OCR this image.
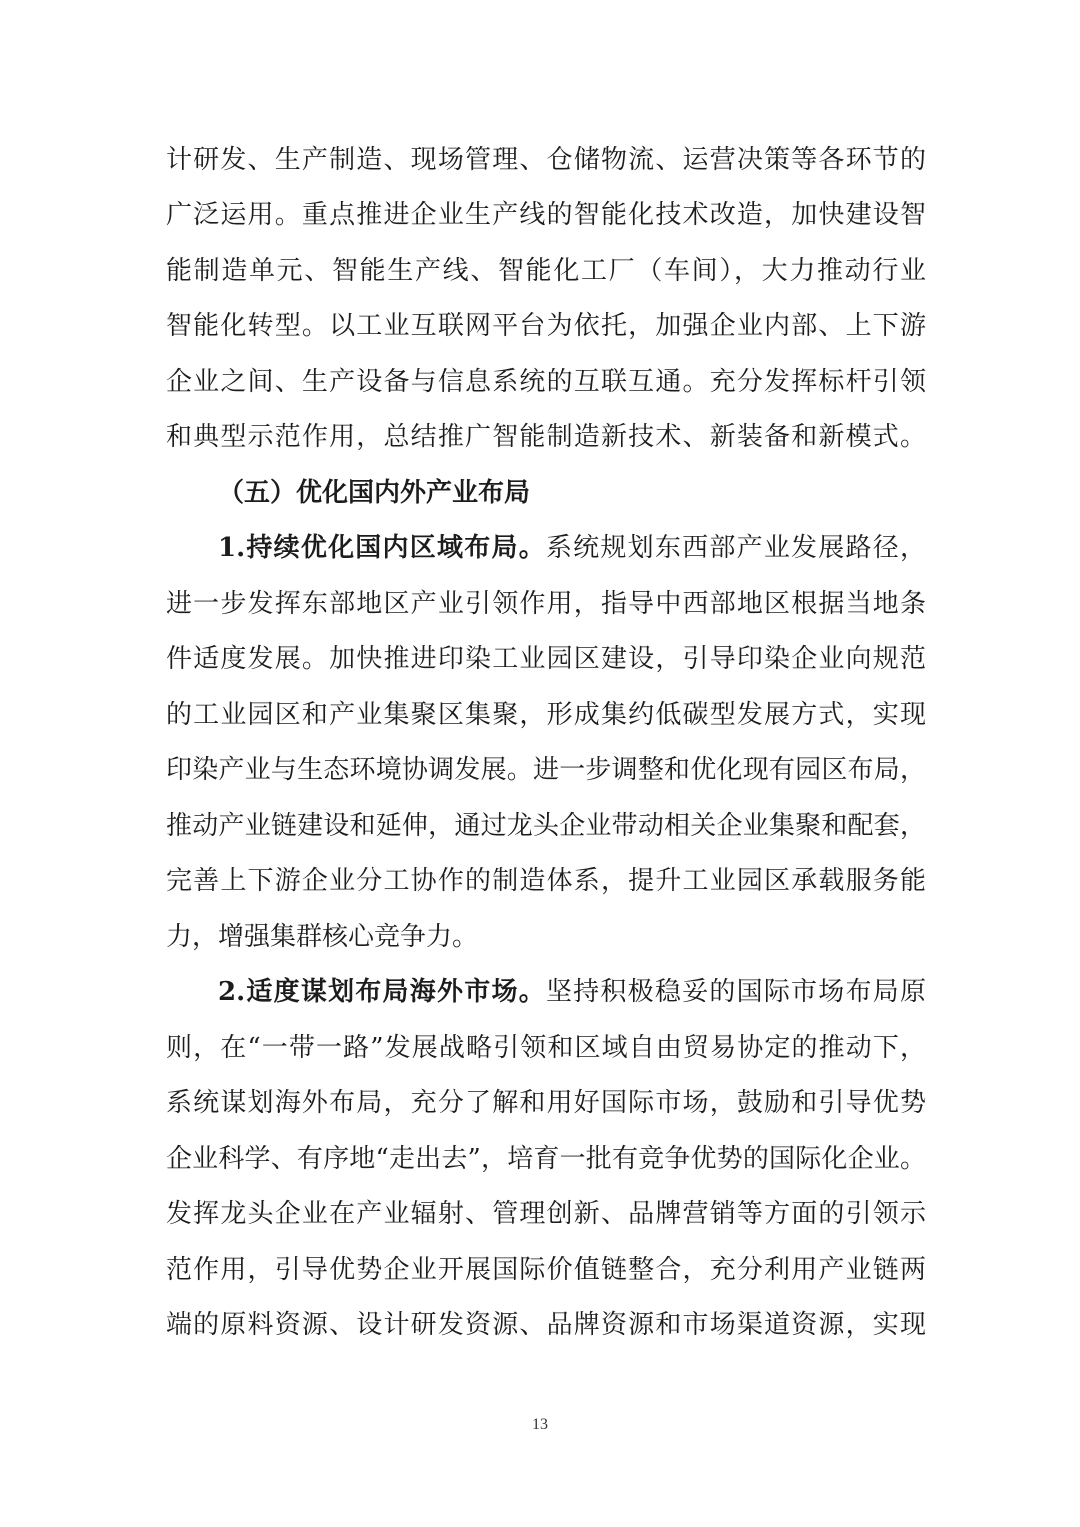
计研发、生产制造、现场管理、仓储物流、运营决策等各环节的
广泛运用。重点推进企业生产线的智能化技术改造，加快建设智
能制造单元、智能生产线、智能化工厂（车间），大力推动行业
智能化转型。以工业互联网平台为依托，加强企业内部、上下游
企业之间、生产设备与信息系统的互联互通。充分发挥标杆引领
和典型示范作用，总结推广智能制造新技术、新装备和新模式。
（五）优化国内外产业布局
1.持续优化国内区域布局。系统规划东西部产业发展路径，
进一步发挥东部地区产业引领作用，指导中西部地区根据当地条
件适度发展。加快推进印染工业园区建设，引导印染企业向规范
的工业园区和产业集聚区集聚，形成集约低碳型发展方式，实现
印染产业与生态环境协调发展。进一步调整和优化现有园区布局，
推动产业链建设和延伸，通过龙头企业带动相关企业集聚和配套，
完善上下游企业分工协作的制造体系，提升工业园区承载服务能
力，增强集群核心竞争力。
2.适度谋划布局海外市场。坚持积极稳妥的国际市场布局原
则，在“一带一路”发展战略引领和区域自由贸易协定的推动下，
系统谋划海外布局，充分了解和用好国际市场，鼓励和引导优势
企业科学、有序地“走出去”，培育一批有竞争优势的国际化企业。
发挥龙头企业在产业辐射、管理创新、品牌营销等方面的引领示
范作用，引导优势企业开展国际价值链整合，充分利用产业链两
端的原料资源、设计研发资源、品牌资源和市场渠道资源，实现
13
